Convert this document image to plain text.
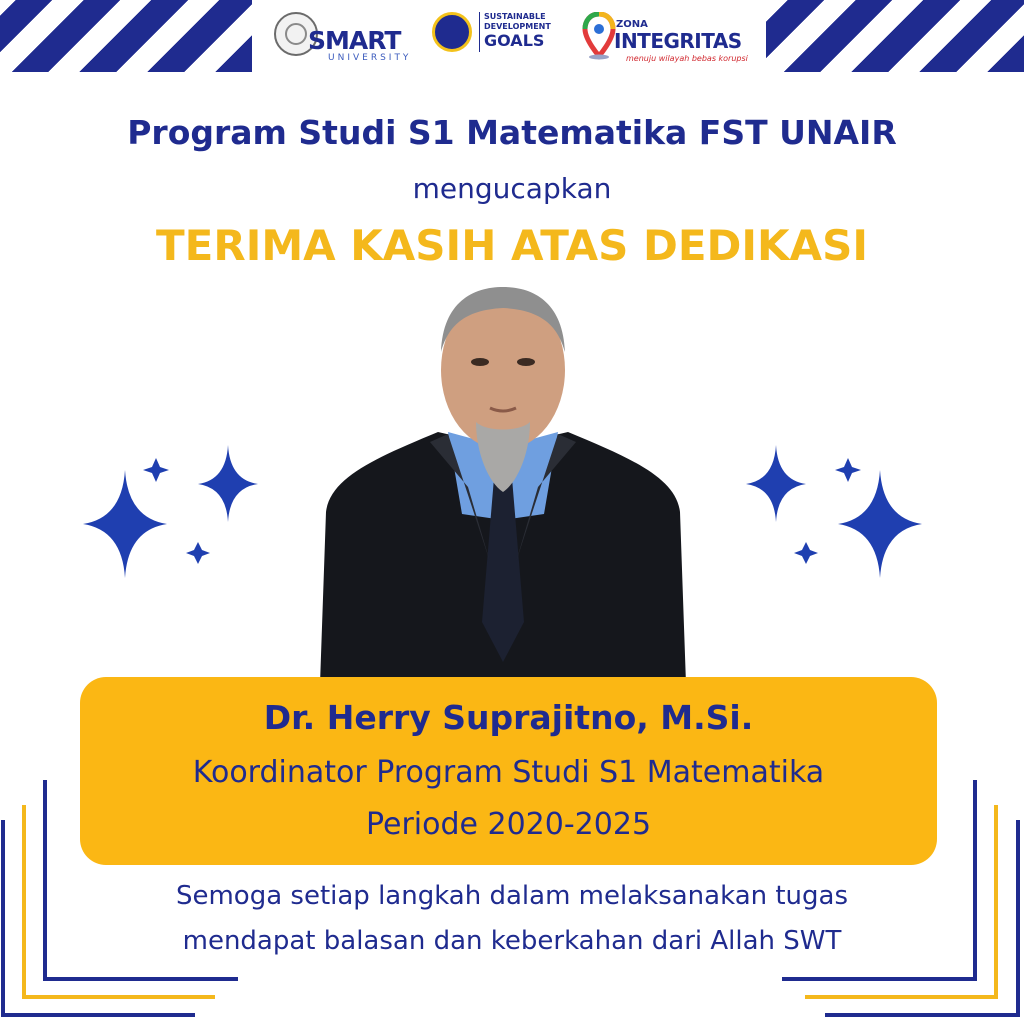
SMART
UNIVERSITY
SUSTAINABLE
DEVELOPMENT
GOALS
ZONA
INTEGRITAS
menuju wilayah bebas korupsi
Program Studi S1 Matematika FST UNAIR
mengucapkan
TERIMA KASIH ATAS DEDIKASI
Dr. Herry Suprajitno, M.Si.
Koordinator Program Studi S1 Matematika
Periode 2020-2025
Semoga setiap langkah dalam melaksanakan tugas
mendapat balasan dan keberkahan dari Allah SWT
